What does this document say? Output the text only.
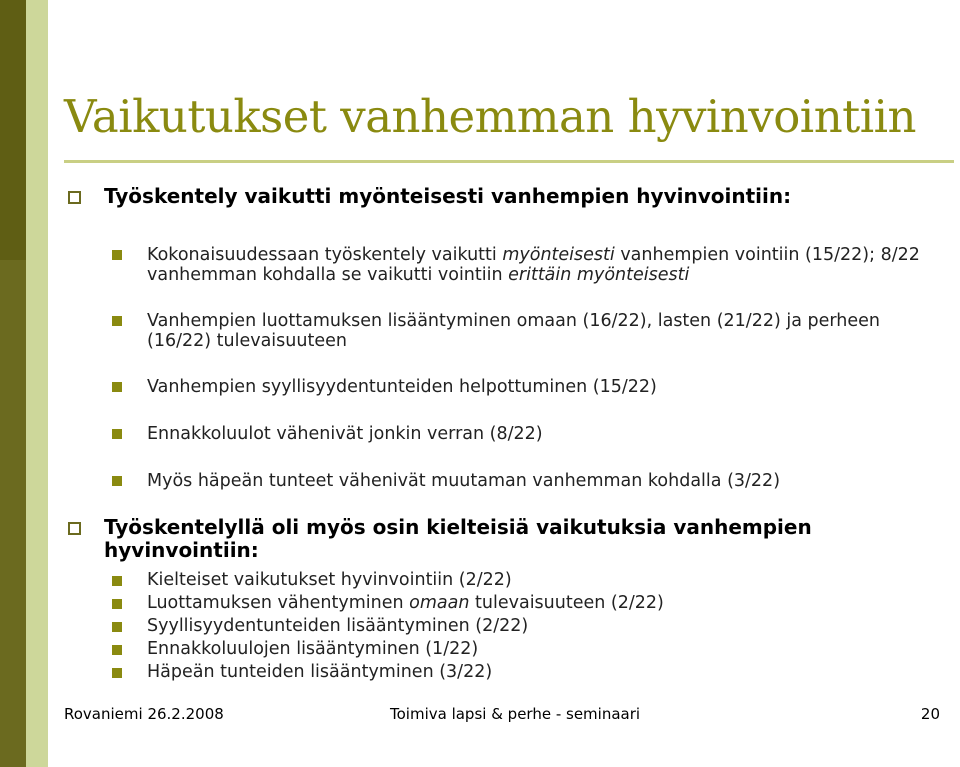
Vaikutukset vanhemman hyvinvointiin
Työskentely vaikutti myönteisesti vanhempien hyvinvointiin:
Kokonaisuudessaan työskentely vaikutti myönteisesti vanhempien vointiin (15/22); 8/22 vanhemman kohdalla se vaikutti vointiin erittäin myönteisesti
Vanhempien luottamuksen lisääntyminen omaan (16/22), lasten (21/22) ja perheen (16/22) tulevaisuuteen
Vanhempien syyllisyydentunteiden helpottuminen (15/22)
Ennakkoluulot vähenivät jonkin verran (8/22)
Myös häpeän tunteet vähenivät muutaman vanhemman kohdalla (3/22)
Työskentelyllä oli myös osin kielteisiä vaikutuksia vanhempien hyvinvointiin:
Kielteiset vaikutukset hyvinvointiin (2/22)
Luottamuksen vähentyminen omaan tulevaisuuteen (2/22)
Syyllisyydentunteiden lisääntyminen (2/22)
Ennakkoluulojen lisääntyminen (1/22)
Häpeän tunteiden lisääntyminen (3/22)
Rovaniemi 26.2.2008	Toimiva lapsi & perhe - seminaari	20
